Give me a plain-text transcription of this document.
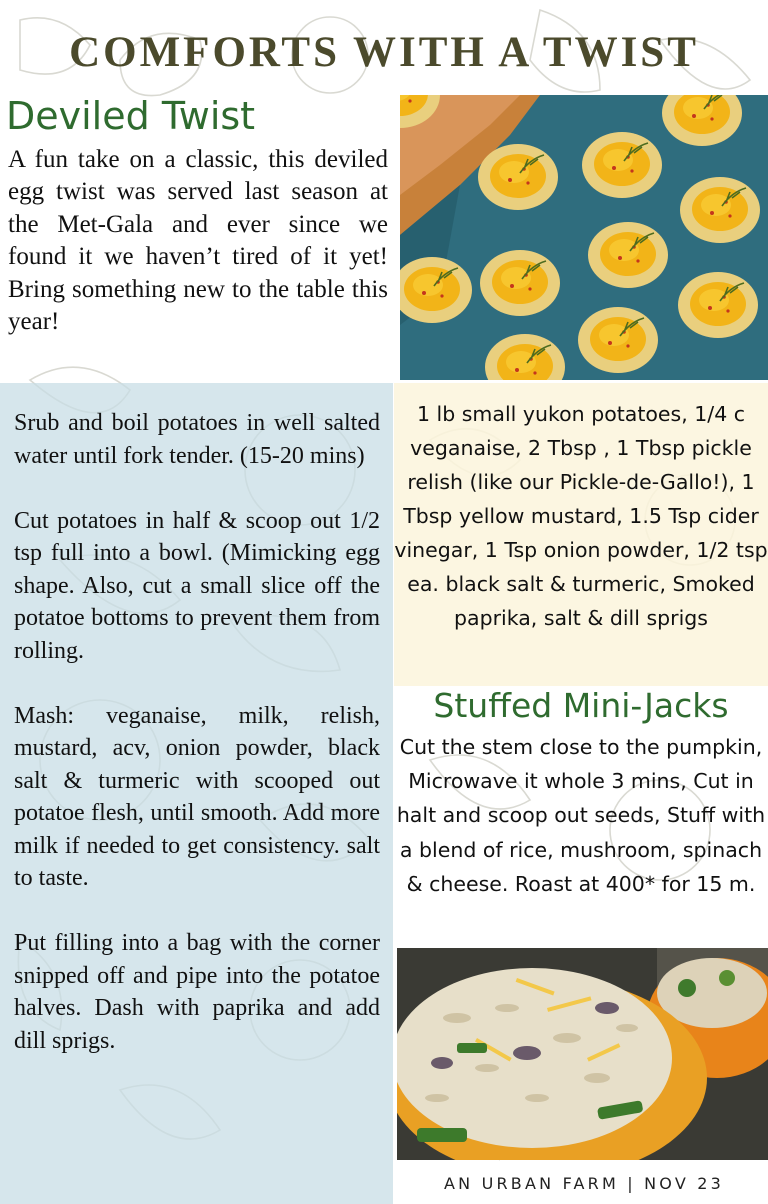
COMFORTS WITH A TWIST
Deviled Twist

A fun take on a classic, this deviled egg twist was served last season at the Met-Gala and ever since we found it we haven’t tired of it yet! Bring something new to the table this year!

Srub and boil potatoes in well salted water until fork tender. (15-20 mins)

Cut potatoes in half & scoop out 1/2 tsp full into a bowl. (Mimicking egg shape. Also, cut a small slice off the potatoe bottoms to prevent them from rolling.

Mash: veganaise, milk, relish, mustard, acv, onion powder, black salt & turmeric with scooped out potatoe flesh, until smooth. Add more milk if needed to get consistency. salt to taste.

Put filling into a bag with the corner snipped off and pipe into the potatoe halves. Dash with paprika and add dill sprigs.

1 lb small yukon potatoes, 1/4 c veganaise, 2 Tbsp , 1 Tbsp pickle relish (like our Pickle-de-Gallo!), 1 Tbsp yellow mustard, 1.5 Tsp cider vinegar, 1 Tsp onion powder, 1/2 tsp ea. black salt & turmeric, Smoked paprika, salt & dill sprigs

Stuffed Mini-Jacks

Cut the stem close to the pumpkin, Microwave it whole 3 mins, Cut in halt and scoop out seeds, Stuff with a blend of rice, mushroom, spinach & cheese. Roast at 400* for 15 m.

AN URBAN FARM | NOV 23
